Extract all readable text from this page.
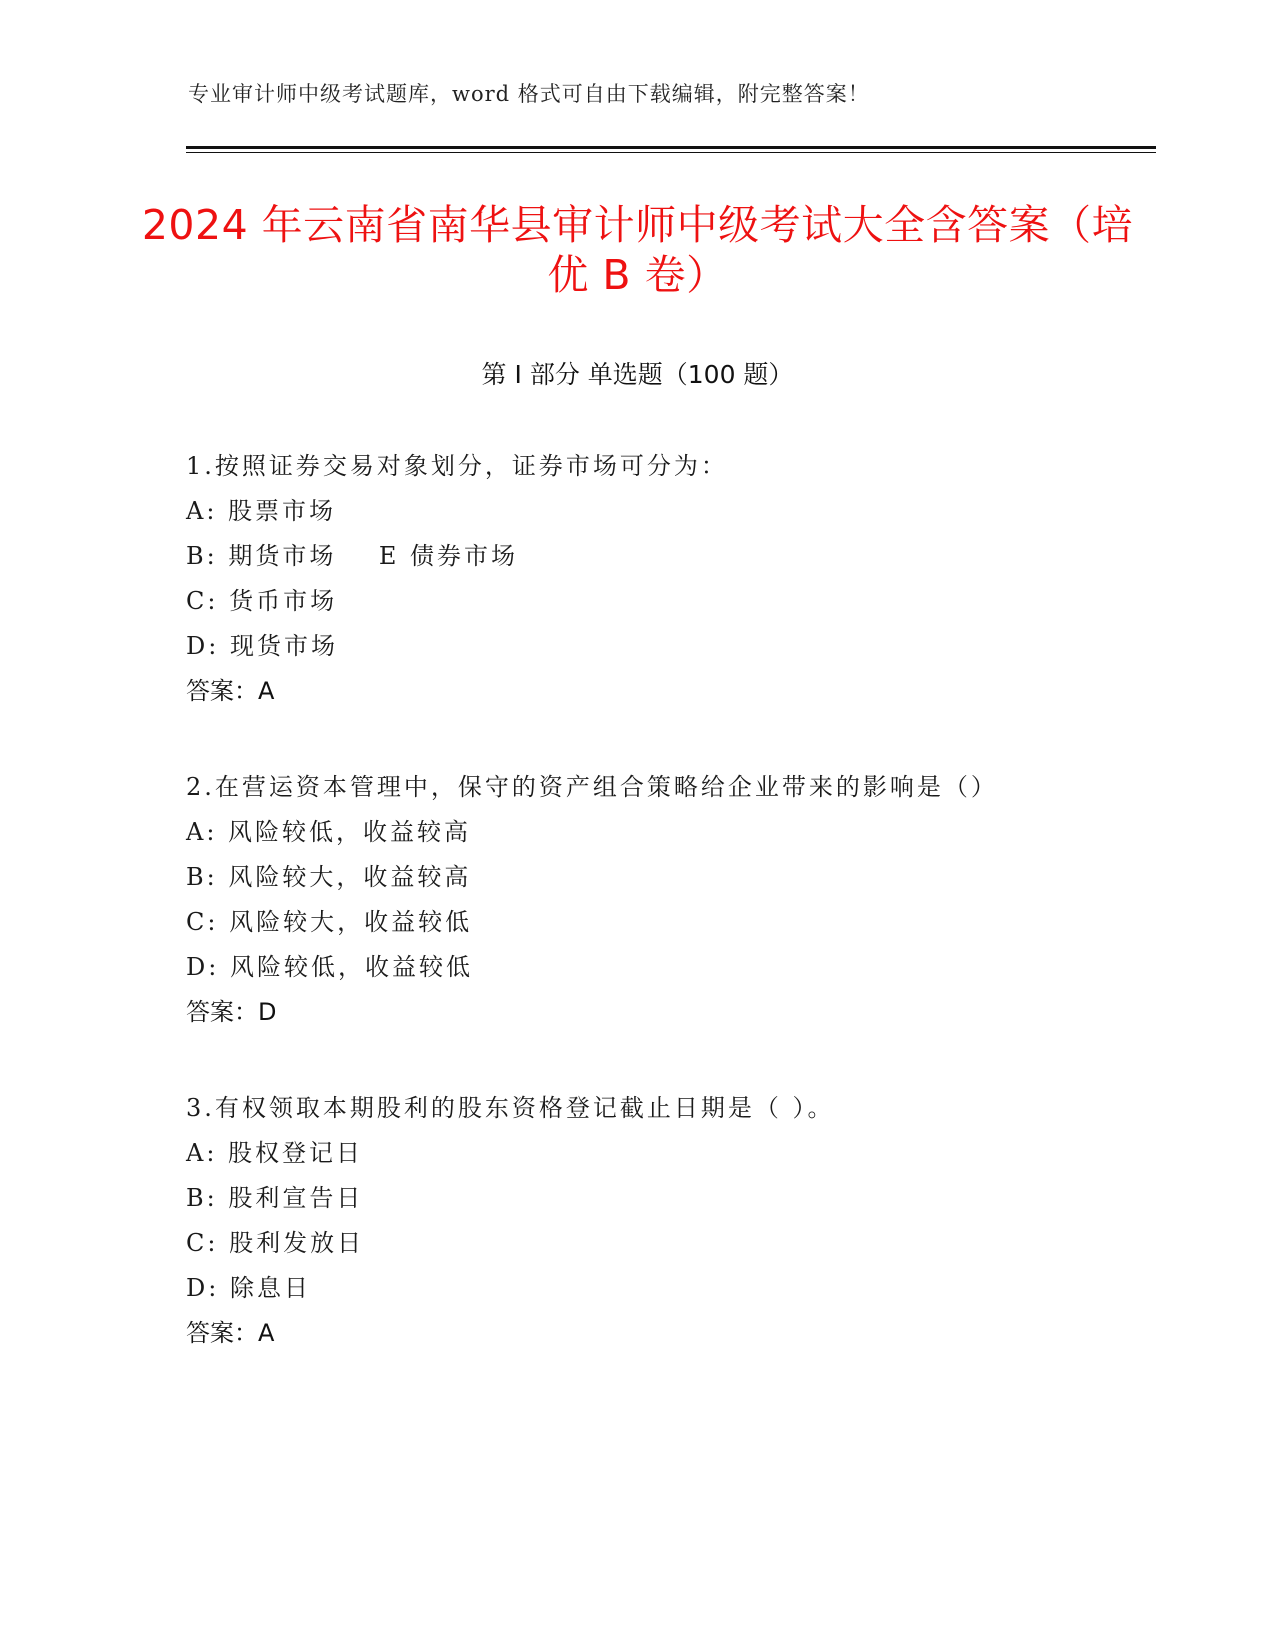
专业审计师中级考试题库，word 格式可自由下载编辑，附完整答案！
2024 年云南省南华县审计师中级考试大全含答案（培优 B 卷）
第 I 部分 单选题（100 题）

1.按照证券交易对象划分，证券市场可分为：

A: 股票市场

B: 期货市场    E 债券市场

C: 货币市场

D: 现货市场

答案：A

2.在营运资本管理中，保守的资产组合策略给企业带来的影响是（）

A: 风险较低，收益较高

B: 风险较大，收益较高

C: 风险较大，收益较低

D: 风险较低，收益较低

答案：D

3.有权领取本期股利的股东资格登记截止日期是（ ）。

A: 股权登记日

B: 股利宣告日

C: 股利发放日

D: 除息日

答案：A
